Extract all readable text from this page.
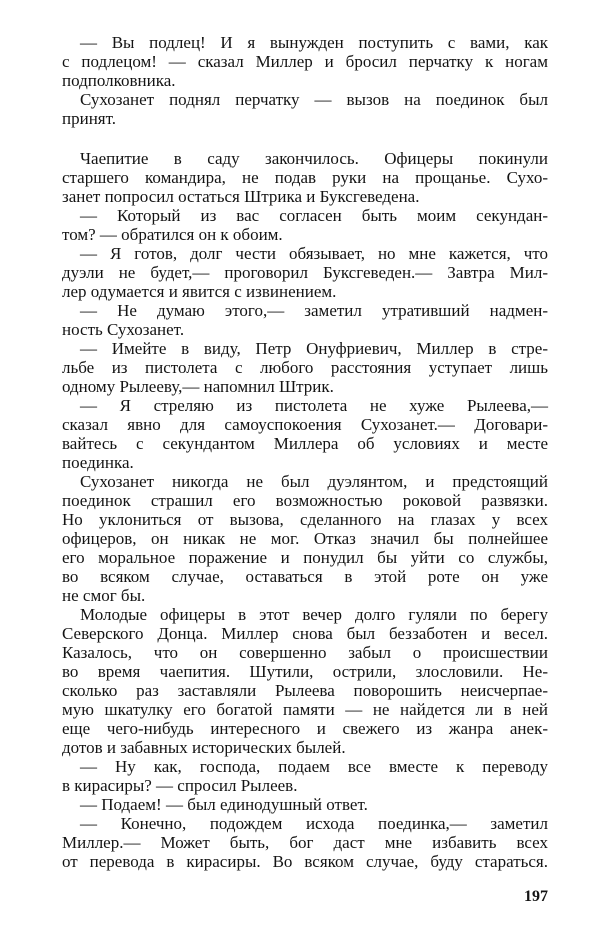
— Вы подлец! И я вынужден поступить с вами, как
с подлецом! — сказал Миллер и бросил перчатку к ногам
подполковника.
Сухозанет поднял перчатку — вызов на поединок был
принят.
Чаепитие в саду закончилось. Офицеры покинули
старшего командира, не подав руки на прощанье. Сухо-
занет попросил остаться Штрика и Буксгеведена.
— Который из вас согласен быть моим секундан-
том? — обратился он к обоим.
— Я готов, долг чести обязывает, но мне кажется, что
дуэли не будет,— проговорил Буксгеведен.— Завтра Мил-
лер одумается и явится с извинением.
— Не думаю этого,— заметил утративший надмен-
ность Сухозанет.
— Имейте в виду, Петр Онуфриевич, Миллер в стре-
льбе из пистолета с любого расстояния уступает лишь
одному Рылееву,— напомнил Штрик.
— Я стреляю из пистолета не хуже Рылеева,—
сказал явно для самоуспокоения Сухозанет.— Договари-
вайтесь с секундантом Миллера об условиях и месте
поединка.
Сухозанет никогда не был дуэлянтом, и предстоящий
поединок страшил его возможностью роковой развязки.
Но уклониться от вызова, сделанного на глазах у всех
офицеров, он никак не мог. Отказ значил бы полнейшее
его моральное поражение и понудил бы уйти со службы,
во всяком случае, оставаться в этой роте он уже
не смог бы.
Молодые офицеры в этот вечер долго гуляли по берегу
Северского Донца. Миллер снова был беззаботен и весел.
Казалось, что он совершенно забыл о происшествии
во время чаепития. Шутили, острили, злословили. Не-
сколько раз заставляли Рылеева поворошить неисчерпае-
мую шкатулку его богатой памяти — не найдется ли в ней
еще чего-нибудь интересного и свежего из жанра анек-
дотов и забавных исторических былей.
— Ну как, господа, подаем все вместе к переводу
в кирасиры? — спросил Рылеев.
— Подаем! — был единодушный ответ.
— Конечно, подождем исхода поединка,— заметил
Миллер.— Может быть, бог даст мне избавить всех
от перевода в кирасиры. Во всяком случае, буду стараться.
197
